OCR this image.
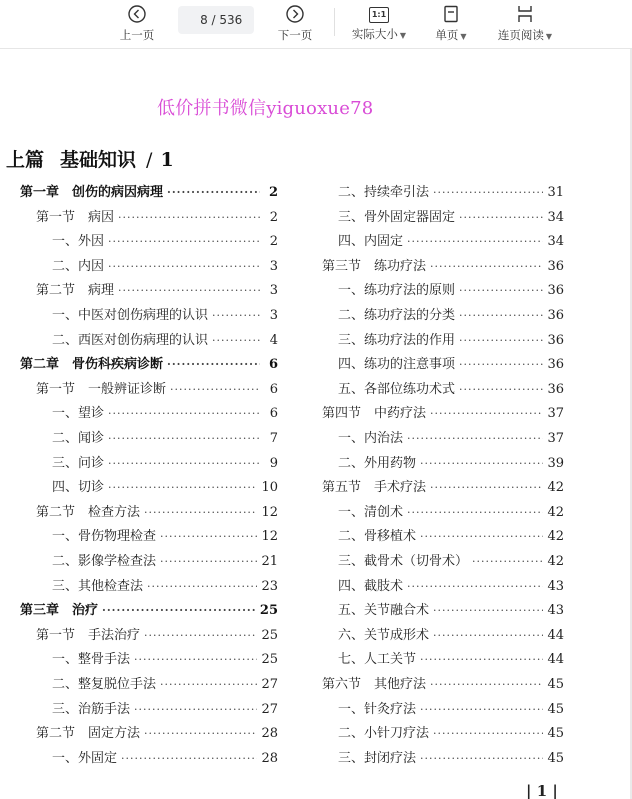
上一页
8 / 536
下一页
1:1
实际大小 ▼	单页 ▼	连页阅读 ▼
低价拼书微信yiguoxue78
上篇 基础知识 / 1
第一章　创伤的病因病理 ·····	2
第一节　病因 ·····	2
一、外因 ·····	2
二、内因 ·····	3
第二节　病理 ·····	3
一、中医对创伤病理的认识 ·····	3
二、西医对创伤病理的认识 ·····	4
第二章　骨伤科疾病诊断 ·····	6
第一节　一般辨证诊断 ·····	6
一、望诊 ·····	6
二、闻诊 ·····	7
三、问诊 ·····	9
四、切诊 ·····	10
第二节　检查方法 ·····	12
一、骨伤物理检查 ·····	12
二、影像学检查法 ·····	21
三、其他检查法 ·····	23
第三章　治疗 ·····	25
第一节　手法治疗 ·····	25
一、整骨手法 ·····	25
二、整复脱位手法 ·····	27
三、治筋手法 ·····	27
第二节　固定方法 ·····	28
一、外固定 ·····	28
二、持续牵引法 ·····	31
三、骨外固定器固定 ·····	34
四、内固定 ·····	34
第三节　练功疗法 ·····	36
一、练功疗法的原则 ·····	36
二、练功疗法的分类 ·····	36
三、练功疗法的作用 ·····	36
四、练功的注意事项 ·····	36
五、各部位练功术式 ·····	36
第四节　中药疗法 ·····	37
一、内治法 ·····	37
二、外用药物 ·····	39
第五节　手术疗法 ·····	42
一、清创术 ·····	42
二、骨移植术 ·····	42
三、截骨术（切骨术） ·····	42
四、截肢术 ·····	43
五、关节融合术 ·····	43
六、关节成形术 ·····	44
七、人工关节 ·····	44
第六节　其他疗法 ·····	45
一、针灸疗法 ·····	45
二、小针刀疗法 ·····	45
三、封闭疗法 ·····	45
| 1 |
